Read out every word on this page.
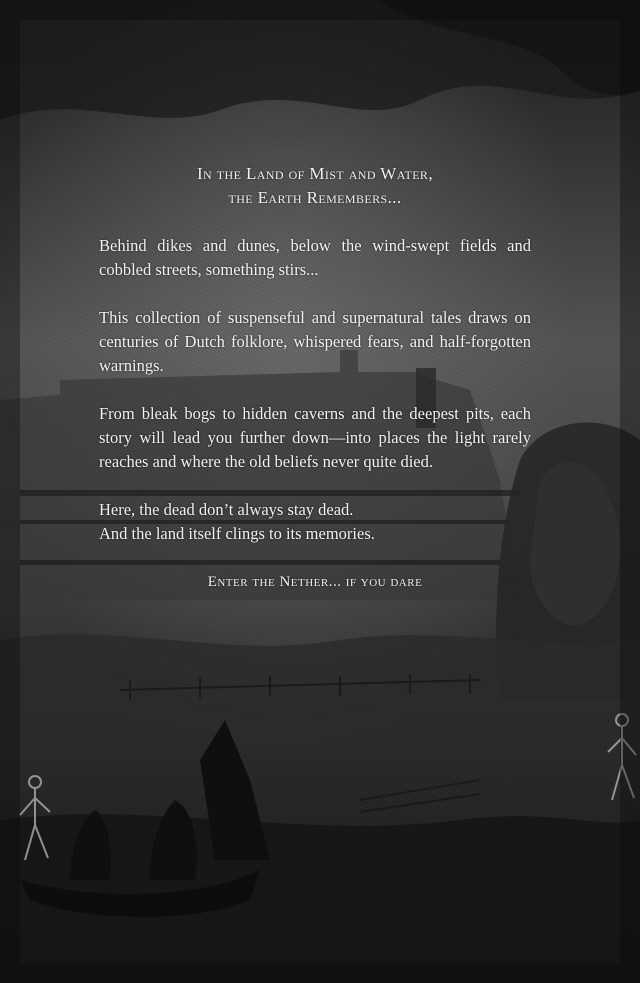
In the Land of Mist and Water,
the Earth Remembers...

Behind dikes and dunes, below the wind-swept fields and cobbled streets, something stirs...

This collection of suspenseful and supernatural tales draws on centuries of Dutch folklore, whispered fears, and half-forgotten warnings.

From bleak bogs to hidden caverns and the deepest pits, each story will lead you further down—into places the light rarely reaches and where the old beliefs never quite died.

Here, the dead don’t always stay dead.
And the land itself clings to its memories.
Enter the Nether... if you dare
